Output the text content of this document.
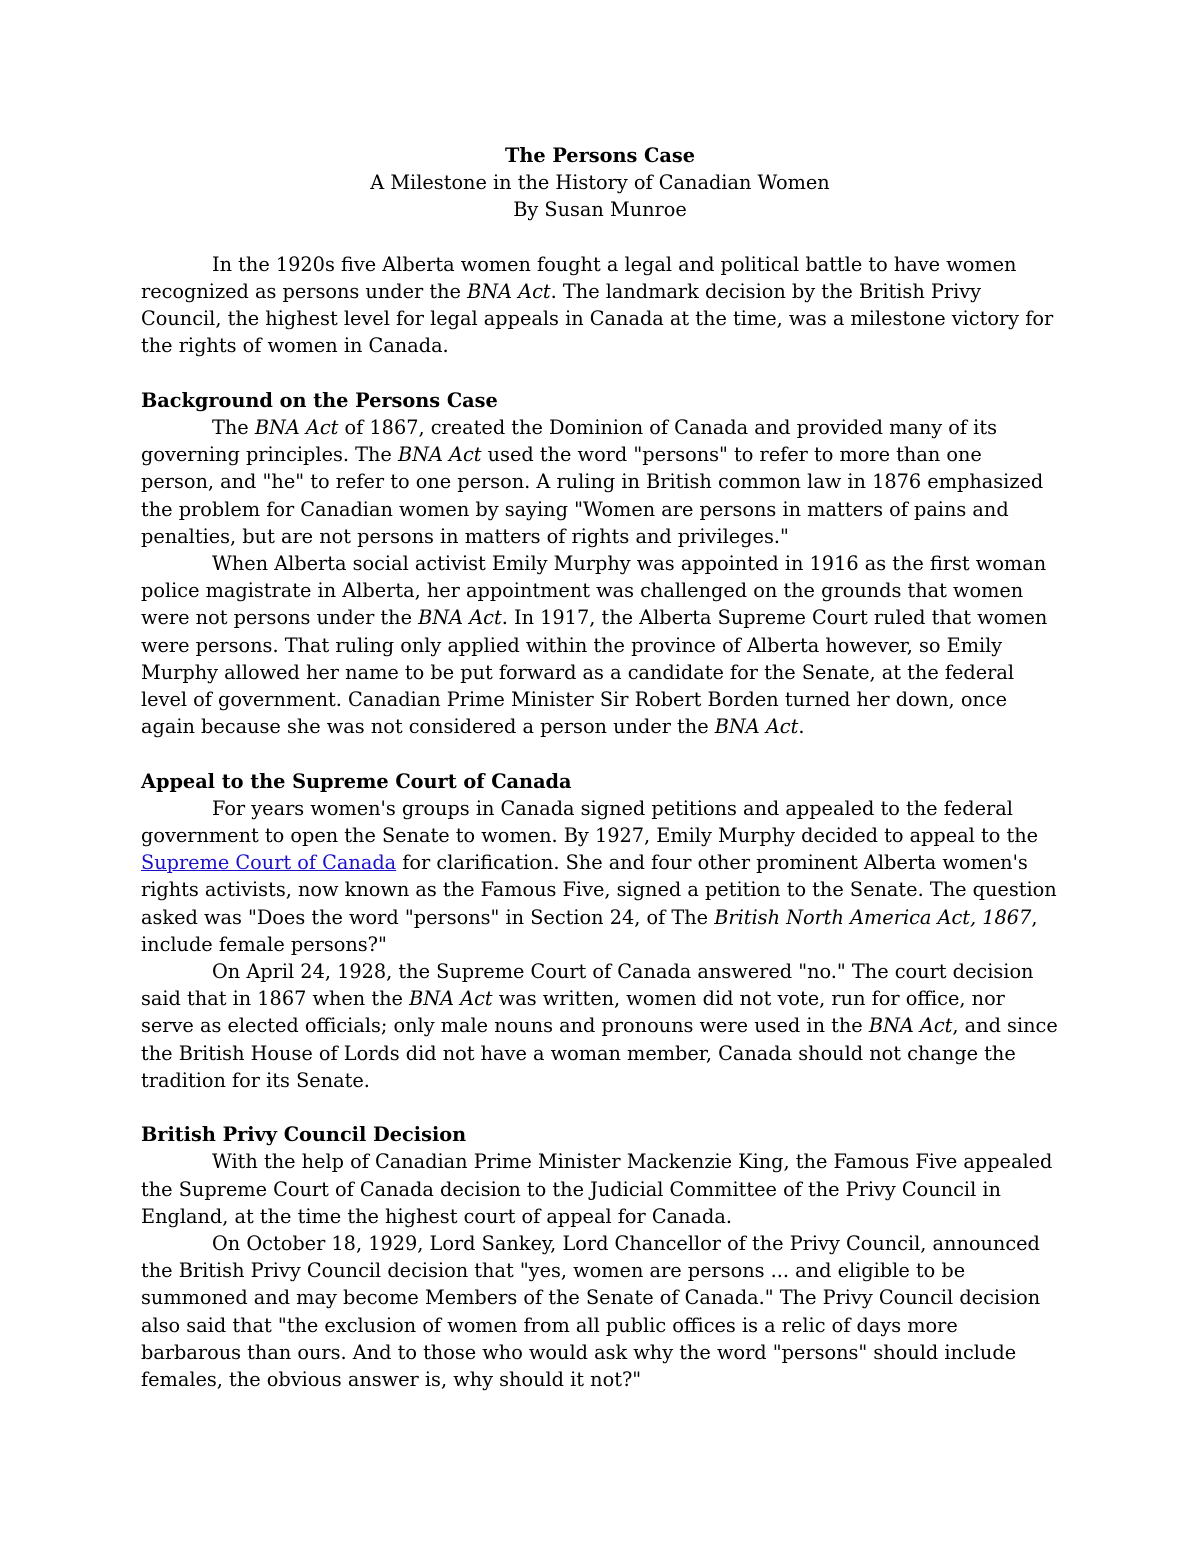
The Persons Case
A Milestone in the History of Canadian Women
By Susan Munroe

In the 1920s five Alberta women fought a legal and political battle to have women recognized as persons under the BNA Act. The landmark decision by the British Privy Council, the highest level for legal appeals in Canada at the time, was a milestone victory for the rights of women in Canada.

Background on the Persons Case

The BNA Act of 1867, created the Dominion of Canada and provided many of its governing principles. The BNA Act used the word "persons" to refer to more than one person, and "he" to refer to one person. A ruling in British common law in 1876 emphasized the problem for Canadian women by saying "Women are persons in matters of pains and penalties, but are not persons in matters of rights and privileges."

When Alberta social activist Emily Murphy was appointed in 1916 as the first woman police magistrate in Alberta, her appointment was challenged on the grounds that women were not persons under the BNA Act. In 1917, the Alberta Supreme Court ruled that women were persons. That ruling only applied within the province of Alberta however, so Emily Murphy allowed her name to be put forward as a candidate for the Senate, at the federal level of government. Canadian Prime Minister Sir Robert Borden turned her down, once again because she was not considered a person under the BNA Act.

Appeal to the Supreme Court of Canada

For years women's groups in Canada signed petitions and appealed to the federal government to open the Senate to women. By 1927, Emily Murphy decided to appeal to the Supreme Court of Canada for clarification. She and four other prominent Alberta women's rights activists, now known as the Famous Five, signed a petition to the Senate. The question asked was "Does the word "persons" in Section 24, of The British North America Act, 1867, include female persons?"

On April 24, 1928, the Supreme Court of Canada answered "no." The court decision said that in 1867 when the BNA Act was written, women did not vote, run for office, nor serve as elected officials; only male nouns and pronouns were used in the BNA Act, and since the British House of Lords did not have a woman member, Canada should not change the tradition for its Senate.

British Privy Council Decision

With the help of Canadian Prime Minister Mackenzie King, the Famous Five appealed the Supreme Court of Canada decision to the Judicial Committee of the Privy Council in England, at the time the highest court of appeal for Canada.

On October 18, 1929, Lord Sankey, Lord Chancellor of the Privy Council, announced the British Privy Council decision that "yes, women are persons ... and eligible to be summoned and may become Members of the Senate of Canada." The Privy Council decision also said that "the exclusion of women from all public offices is a relic of days more barbarous than ours. And to those who would ask why the word "persons" should include females, the obvious answer is, why should it not?"
